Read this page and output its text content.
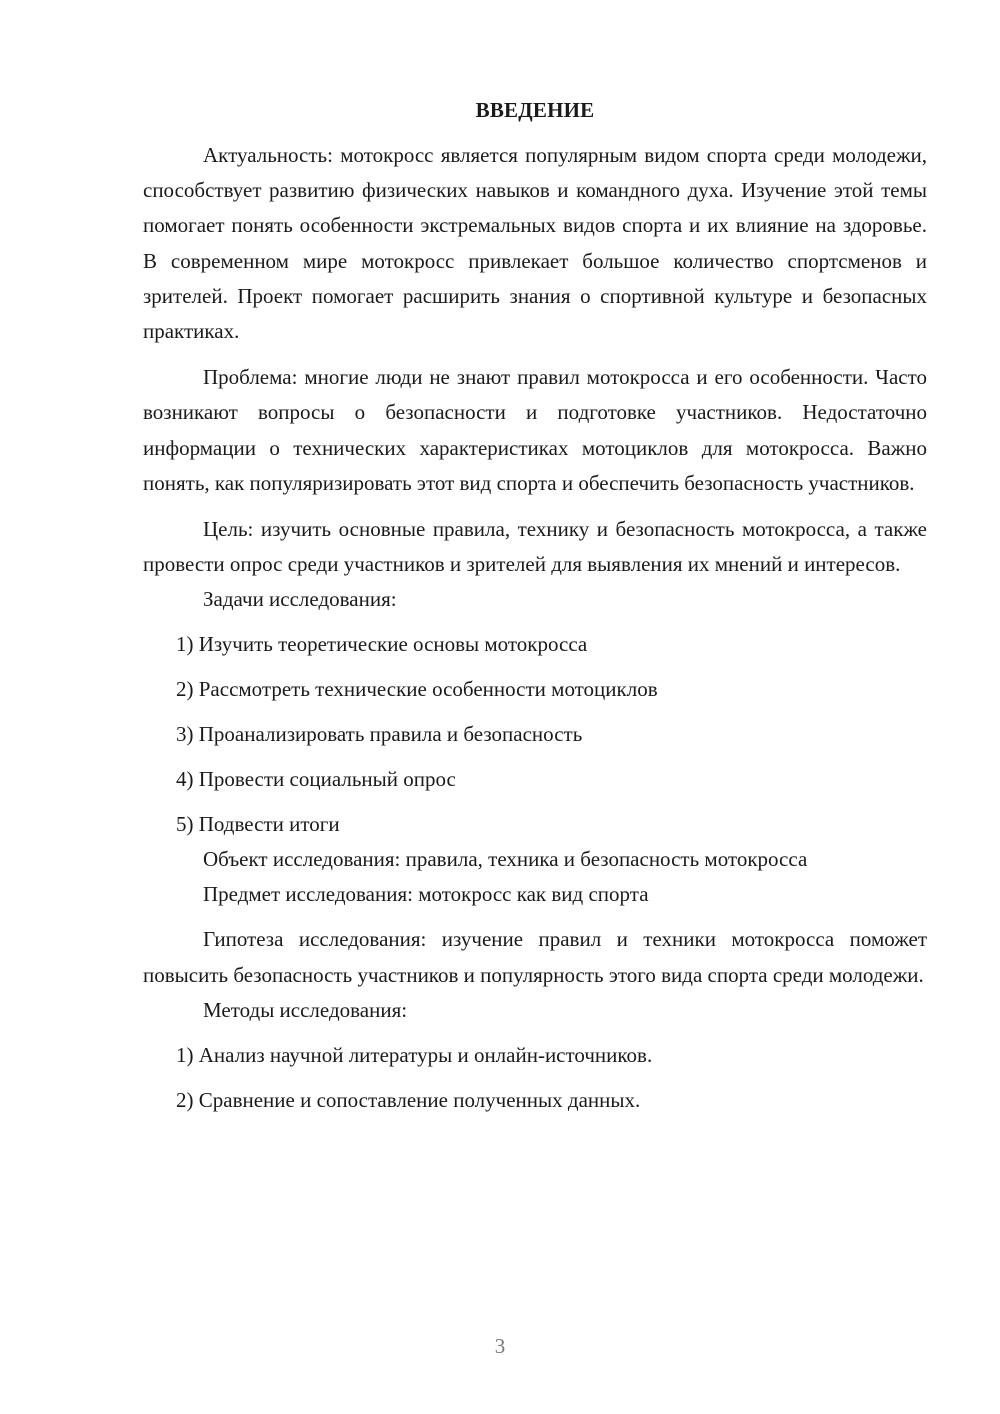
ВВЕДЕНИЕ

Актуальность: мотокросс является популярным видом спорта среди молодежи, способствует развитию физических навыков и командного духа. Изучение этой темы помогает понять особенности экстремальных видов спорта и их влияние на здоровье. В современном мире мотокросс привлекает большое количество спортсменов и зрителей. Проект помогает расширить знания о спортивной культуре и безопасных практиках.

Проблема: многие люди не знают правил мотокросса и его особенности. Часто возникают вопросы о безопасности и подготовке участников. Недостаточно информации о технических характеристиках мотоциклов для мотокросса. Важно понять, как популяризировать этот вид спорта и обеспечить безопасность участников.

Цель: изучить основные правила, технику и безопасность мотокросса, а также провести опрос среди участников и зрителей для выявления их мнений и интересов.

Задачи исследования:

1) Изучить теоретические основы мотокросса

2) Рассмотреть технические особенности мотоциклов

3) Проанализировать правила и безопасность

4) Провести социальный опрос

5) Подвести итоги

Объект исследования: правила, техника и безопасность мотокросса

Предмет исследования: мотокросс как вид спорта

Гипотеза исследования: изучение правил и техники мотокросса поможет повысить безопасность участников и популярность этого вида спорта среди молодежи.

Методы исследования:

1) Анализ научной литературы и онлайн-источников.

2) Сравнение и сопоставление полученных данных.

3
